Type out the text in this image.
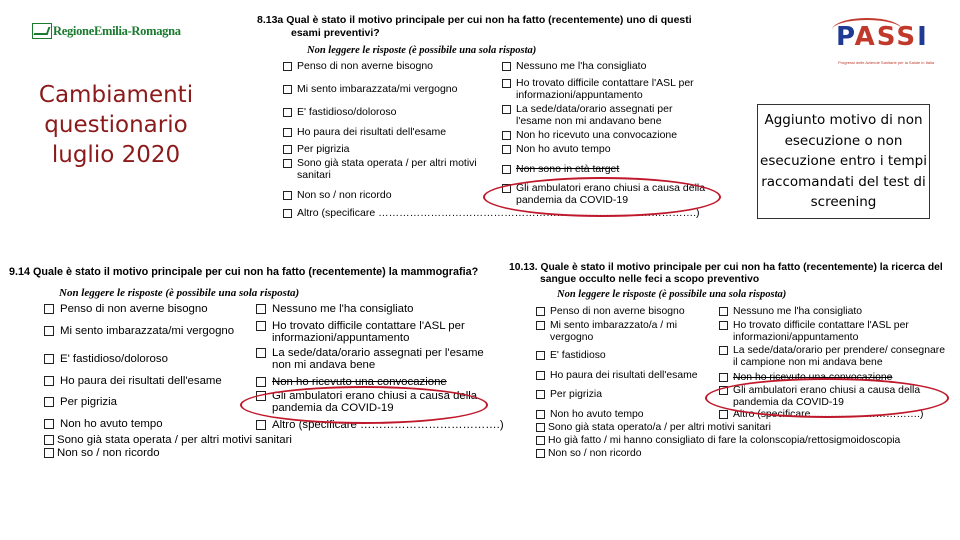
RegioneEmilia-Romagna
Cambiamenti questionario luglio 2020
PASSI
Progressi delle Aziende Sanitarie per la Salute in Italia
Aggiunto motivo di non esecuzione o non esecuzione entro i tempi raccomandati del test di screening
8.13a Qual è stato il motivo principale per cui non ha fatto (recentemente) uno di questi
esami preventivi?
Non leggere le risposte (è possibile una sola risposta)
Penso di non averne bisogno
Mi sento imbarazzata/mi vergogno
E' fastidioso/doloroso
Ho paura dei risultati dell'esame
Per pigrizia
Sono già stata operata / per altri motivi
sanitari
Non so / non ricordo
Altro (specificare ……………………………………………………………………………….)
Nessuno me l'ha consigliato
Ho trovato difficile contattare l'ASL per
informazioni/appuntamento
La sede/data/orario assegnati per
l'esame non mi andavano bene
Non ho ricevuto una convocazione
Non ho avuto tempo
Non sono in età target
Gli ambulatori erano chiusi a causa della
pandemia da COVID-19
9.14 Quale è stato il motivo principale per cui non ha fatto (recentemente) la mammografia?
Non leggere le risposte (è possibile una sola risposta)
Penso di non averne bisogno
Mi sento imbarazzata/mi vergogno
E' fastidioso/doloroso
Ho paura dei risultati dell'esame
Per pigrizia
Non ho avuto tempo
Nessuno me l'ha consigliato
Ho trovato difficile contattare l'ASL per
informazioni/appuntamento
La sede/data/orario assegnati per l'esame
non mi andava bene
Non ho ricevuto una convocazione
Gli ambulatori erano chiusi a causa della
pandemia da COVID-19
Altro (specificare ……………………………….)
Sono già stata operata / per altri motivi sanitari
Non so / non ricordo
10.13. Quale è stato il motivo principale per cui non ha fatto (recentemente) la ricerca del
sangue occulto nelle feci a scopo preventivo
Non leggere le risposte (è possibile una sola risposta)
Penso di non averne bisogno
Mi sento imbarazzato/a / mi
vergogno
E' fastidioso
Ho paura dei risultati dell'esame
Per pigrizia
Non ho avuto tempo
Nessuno me l'ha consigliato
Ho trovato difficile contattare l'ASL per
informazioni/appuntamento
La sede/data/orario per prendere/ consegnare
il campione non mi andava bene
Non ho ricevuto una convocazione
Gli ambulatori erano chiusi a causa della
pandemia da COVID-19
Altro (specificare ………………………….)
Sono già stata operato/a / per altri motivi sanitari
Ho già fatto / mi hanno consigliato di fare la colonscopia/rettosigmoidoscopia
Non so / non ricordo
